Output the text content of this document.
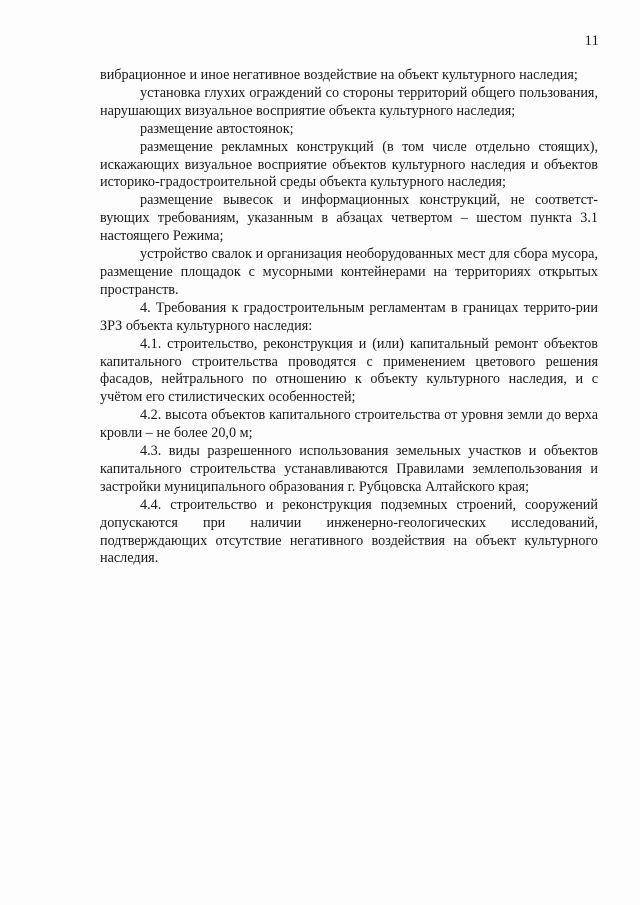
11

вибрационное и иное негативное воздействие на объект культурного наследия;

установка глухих ограждений со стороны территорий общего пользования, нарушающих визуальное восприятие объекта культурного наследия;

размещение автостоянок;

размещение рекламных конструкций (в том числе отдельно стоящих), искажающих визуальное восприятие объектов культурного наследия и объектов историко-градостроительной среды объекта культурного наследия;

размещение вывесок и информационных конструкций, не соответст-вующих требованиям, указанным в абзацах четвертом – шестом пункта 3.1 настоящего Режима;

устройство свалок и организация необорудованных мест для сбора мусора, размещение площадок с мусорными контейнерами на территориях открытых пространств.

4. Требования к градостроительным регламентам в границах террито-рии ЗРЗ объекта культурного наследия:

4.1. строительство, реконструкция и (или) капитальный ремонт объектов капитального строительства проводятся с применением цветового решения фасадов, нейтрального по отношению к объекту культурного наследия, и с учётом его стилистических особенностей;

4.2. высота объектов капитального строительства от уровня земли до верха кровли – не более 20,0 м;

4.3. виды разрешенного использования земельных участков и объектов капитального строительства устанавливаются Правилами землепользования и застройки муниципального образования г. Рубцовска Алтайского края;

4.4. строительство и реконструкция подземных строений, сооружений допускаются при наличии инженерно-геологических исследований, подтверждающих отсутствие негативного воздействия на объект культурного наследия.
